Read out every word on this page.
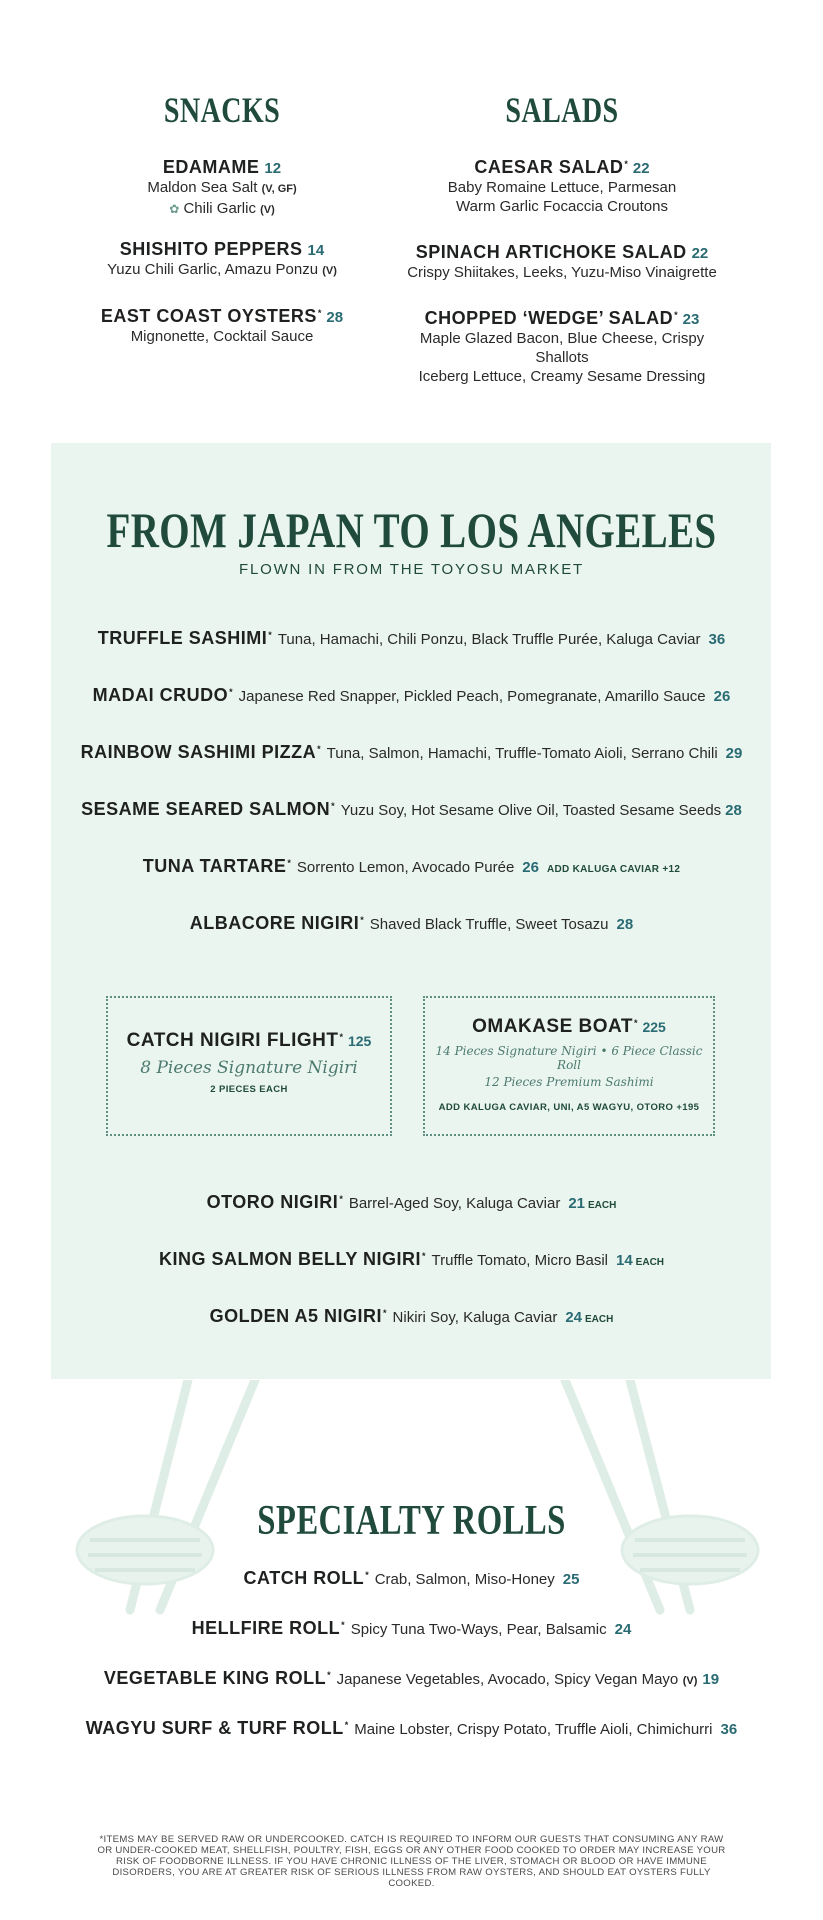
SNACKS
EDAMAME 12
Maldon Sea Salt (V, GF)
✿ Chili Garlic (V)
SHISHITO PEPPERS 14
Yuzu Chili Garlic, Amazu Ponzu (V)
EAST COAST OYSTERS* 28
Mignonette, Cocktail Sauce
SALADS
CAESAR SALAD* 22
Baby Romaine Lettuce, Parmesan
Warm Garlic Focaccia Croutons
SPINACH ARTICHOKE SALAD 22
Crispy Shiitakes, Leeks, Yuzu-Miso Vinaigrette
CHOPPED ‘WEDGE’ SALAD* 23
Maple Glazed Bacon, Blue Cheese, Crispy Shallots
Iceberg Lettuce, Creamy Sesame Dressing
FROM JAPAN TO LOS ANGELES
FLOWN IN FROM THE TOYOSU MARKET
TRUFFLE SASHIMI* Tuna, Hamachi, Chili Ponzu, Black Truffle Purée, Kaluga Caviar 36
MADAI CRUDO* Japanese Red Snapper, Pickled Peach, Pomegranate, Amarillo Sauce 26
RAINBOW SASHIMI PIZZA* Tuna, Salmon, Hamachi, Truffle-Tomato Aioli, Serrano Chili 29
SESAME SEARED SALMON* Yuzu Soy, Hot Sesame Olive Oil, Toasted Sesame Seeds 28
TUNA TARTARE* Sorrento Lemon, Avocado Purée 26 ADD KALUGA CAVIAR +12
ALBACORE NIGIRI* Shaved Black Truffle, Sweet Tosazu 28
CATCH NIGIRI FLIGHT* 125
8 Pieces Signature Nigiri
2 PIECES EACH
OMAKASE BOAT* 225
14 Pieces Signature Nigiri • 6 Piece Classic Roll
12 Pieces Premium Sashimi
ADD KALUGA CAVIAR, UNI, A5 WAGYU, OTORO +195
OTORO NIGIRI* Barrel-Aged Soy, Kaluga Caviar 21 EACH
KING SALMON BELLY NIGIRI* Truffle Tomato, Micro Basil 14 EACH
GOLDEN A5 NIGIRI* Nikiri Soy, Kaluga Caviar 24 EACH
SPECIALTY ROLLS
CATCH ROLL* Crab, Salmon, Miso-Honey 25
HELLFIRE ROLL* Spicy Tuna Two-Ways, Pear, Balsamic 24
VEGETABLE KING ROLL* Japanese Vegetables, Avocado, Spicy Vegan Mayo (V) 19
WAGYU SURF & TURF ROLL* Maine Lobster, Crispy Potato, Truffle Aioli, Chimichurri 36
*ITEMS MAY BE SERVED RAW OR UNDERCOOKED. CATCH IS REQUIRED TO INFORM OUR GUESTS THAT CONSUMING ANY RAW OR UNDER-COOKED MEAT, SHELLFISH, POULTRY, FISH, EGGS OR ANY OTHER FOOD COOKED TO ORDER MAY INCREASE YOUR RISK OF FOODBORNE ILLNESS. IF YOU HAVE CHRONIC ILLNESS OF THE LIVER, STOMACH OR BLOOD OR HAVE IMMUNE DISORDERS, YOU ARE AT GREATER RISK OF SERIOUS ILLNESS FROM RAW OYSTERS, AND SHOULD EAT OYSTERS FULLY COOKED.
